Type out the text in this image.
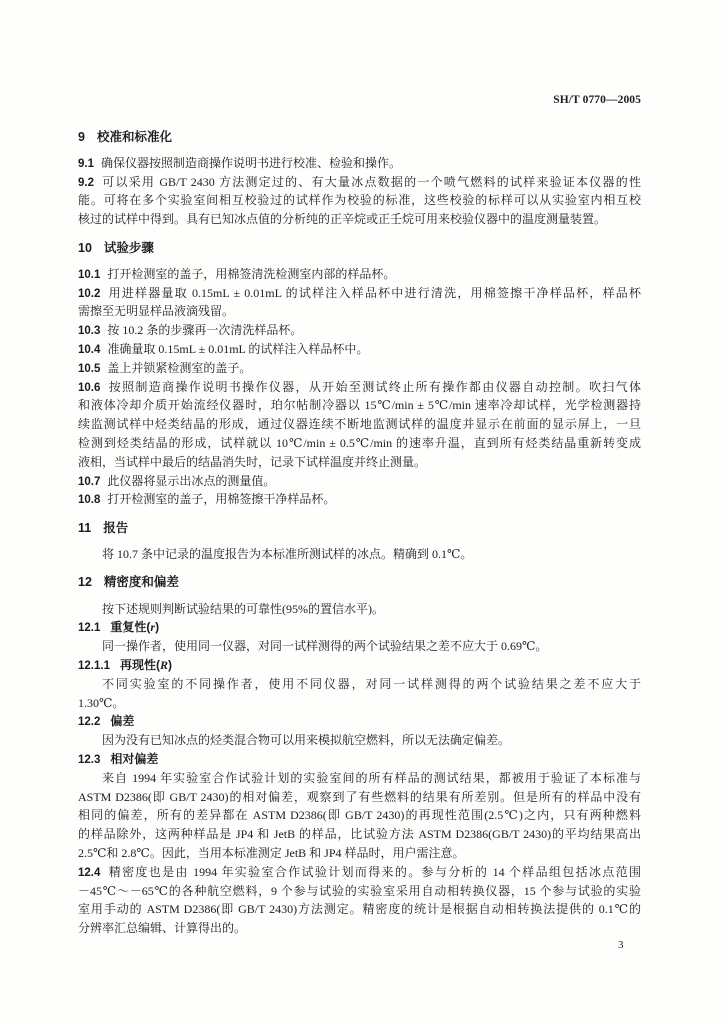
SH/T 0770—2005
9 校准和标准化
9.1 确保仪器按照制造商操作说明书进行校准、检验和操作。
9.2 可以采用 GB/T 2430 方法测定过的、有大量冰点数据的一个喷气燃料的试样来验证本仪器的性
能。可将在多个实验室间相互校验过的试样作为校验的标准，这些校验的标样可以从实验室内相互校
核过的试样中得到。具有已知冰点值的分析纯的正辛烷或正壬烷可用来校验仪器中的温度测量装置。
10 试验步骤
10.1 打开检测室的盖子，用棉签清洗检测室内部的样品杯。
10.2 用进样器量取 0.15mL ± 0.01mL 的试样注入样品杯中进行清洗，用棉签擦干净样品杯，样品杯
需擦至无明显样品液滴残留。
10.3 按 10.2 条的步骤再一次清洗样品杯。
10.4 准确量取 0.15mL ± 0.01mL 的试样注入样品杯中。
10.5 盖上并锁紧检测室的盖子。
10.6 按照制造商操作说明书操作仪器，从开始至测试终止所有操作都由仪器自动控制。吹扫气体
和液体冷却介质开始流经仪器时，珀尔帖制冷器以 15℃/min ± 5℃/min 速率冷却试样，光学检测器持
续监测试样中烃类结晶的形成，通过仪器连续不断地监测试样的温度并显示在前面的显示屏上，一旦
检测到烃类结晶的形成，试样就以 10℃/min ± 0.5℃/min 的速率升温，直到所有烃类结晶重新转变成
液相，当试样中最后的结晶消失时，记录下试样温度并终止测量。
10.7 此仪器将显示出冰点的测量值。
10.8 打开检测室的盖子，用棉签擦干净样品杯。
11 报告
将 10.7 条中记录的温度报告为本标准所测试样的冰点。精确到 0.1℃。
12 精密度和偏差
按下述规则判断试验结果的可靠性(95%的置信水平)。
12.1 重复性(r)
同一操作者，使用同一仪器，对同一试样测得的两个试验结果之差不应大于 0.69℃。
12.1.1 再现性(R)
不同实验室的不同操作者，使用不同仪器，对同一试样测得的两个试验结果之差不应大于
1.30℃。
12.2 偏差
因为没有已知冰点的烃类混合物可以用来模拟航空燃料，所以无法确定偏差。
12.3 相对偏差
来自 1994 年实验室合作试验计划的实验室间的所有样品的测试结果，都被用于验证了本标准与
ASTM D2386(即 GB/T 2430)的相对偏差，观察到了有些燃料的结果有所差别。但是所有的样品中没有
相同的偏差，所有的差异都在 ASTM D2386(即 GB/T 2430)的再现性范围(2.5℃)之内，只有两种燃料
的样品除外，这两种样品是 JP4 和 JetB 的样品，比试验方法 ASTM D2386(GB/T 2430)的平均结果高出
2.5℃和 2.8℃。因此，当用本标准测定 JetB 和 JP4 样品时，用户需注意。
12.4 精密度也是由 1994 年实验室合作试验计划而得来的。参与分析的 14 个样品组包括冰点范围
－45℃～－65℃的各种航空燃料，9 个参与试验的实验室采用自动相转换仪器，15 个参与试验的实验
室用手动的 ASTM D2386(即 GB/T 2430)方法测定。精密度的统计是根据自动相转换法提供的 0.1℃的
分辨率汇总编辑、计算得出的。
3
